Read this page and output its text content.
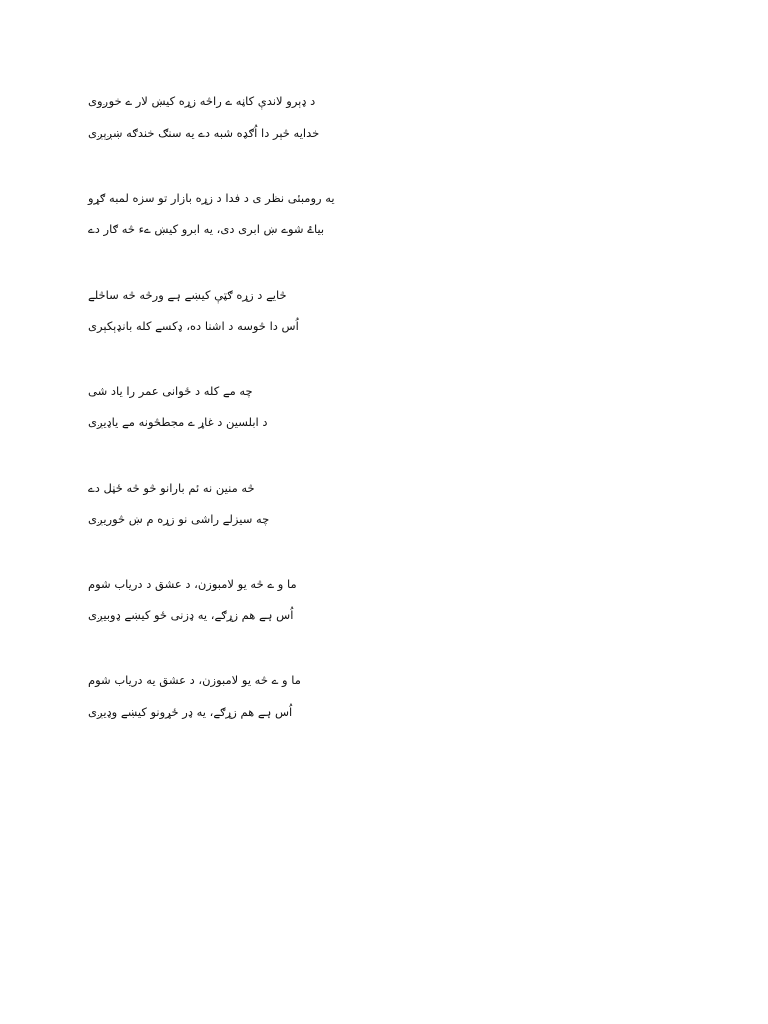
د ډېرو لاندې کاڼه ے راڅه زړه کیښ لار ے خوږوی
خدایه څېر دا اُګډه شبه دے یه سنګ خندګه ښږېږی
یه رومبئی نظر ی د فدا د زړه بازار تو سزه لمبه ګړو
بیاۓ شوے ښ ابری دی، یه ابرو کیښ ےء څه ګار دے
څایے د زړه ګټې کیښے ہے ورڅه څه ساڅلے
اُس دا څوسه د اشنا ده، ډکسے کله بانډېکېری
چه مے کله د ځوانی عمر را یاد شی
د ابلسین د غاړ ے مجطڅونه مے یاډیږی
څه منین نه ئم بارانو څو څه ځڼل دے
چه سیزلے راشی نو زړه م ښ څوریږی
ما و ے څه یو لامبوزن، د عشق د دریاب شوم
اُس ہے هم زړګے، یه ډزنی ځو کیښے ډوبیږی
ما و ے څه یو لامبوزن، د عشق یه دریاب شوم
اُس ہے هم زړګے، یه ډر ځړونو کیښے وډیږی
